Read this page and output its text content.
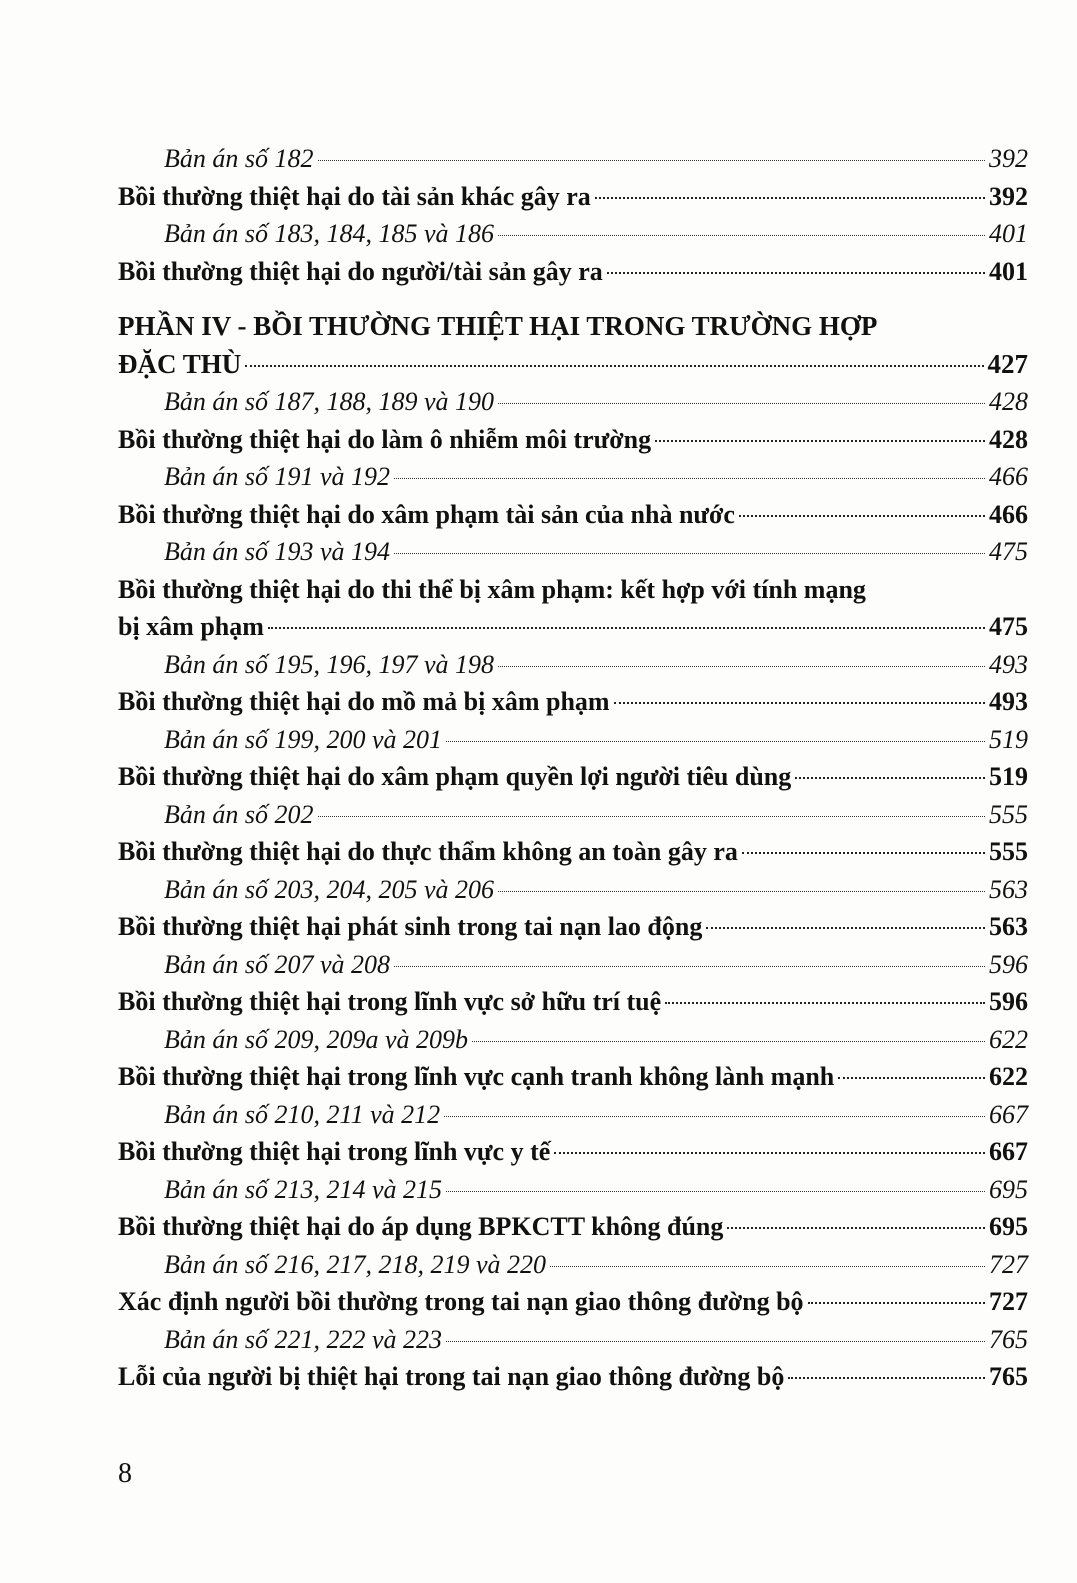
Bản án số 182	392
Bồi thường thiệt hại do tài sản khác gây ra	392
Bản án số 183, 184, 185 và 186	401
Bồi thường thiệt hại do người/tài sản gây ra	401
PHẦN IV - BỒI THƯỜNG THIỆT HẠI TRONG TRƯỜNG HỢP
ĐẶC THÙ	427
Bản án số 187, 188, 189 và 190	428
Bồi thường thiệt hại do làm ô nhiễm môi trường	428
Bản án số 191 và 192	466
Bồi thường thiệt hại do xâm phạm tài sản của nhà nước	466
Bản án số 193 và 194	475
Bồi thường thiệt hại do thi thể bị xâm phạm: kết hợp với tính mạng
bị xâm phạm	475
Bản án số 195, 196, 197 và 198	493
Bồi thường thiệt hại do mồ mả bị xâm phạm	493
Bản án số 199, 200 và 201	519
Bồi thường thiệt hại do xâm phạm quyền lợi người tiêu dùng	519
Bản án số 202	555
Bồi thường thiệt hại do thực thẩm không an toàn gây ra	555
Bản án số 203, 204, 205 và 206	563
Bồi thường thiệt hại phát sinh trong tai nạn lao động	563
Bản án số 207 và 208	596
Bồi thường thiệt hại trong lĩnh vực sở hữu trí tuệ	596
Bản án số 209, 209a và 209b	622
Bồi thường thiệt hại trong lĩnh vực cạnh tranh không lành mạnh	622
Bản án số 210, 211 và 212	667
Bồi thường thiệt hại trong lĩnh vực y tế	667
Bản án số 213, 214 và 215	695
Bồi thường thiệt hại do áp dụng BPKCTT không đúng	695
Bản án số 216, 217, 218, 219 và 220	727
Xác định người bồi thường trong tai nạn giao thông đường bộ	727
Bản án số 221, 222 và 223	765
Lỗi của người bị thiệt hại trong tai nạn giao thông đường bộ	765
8
